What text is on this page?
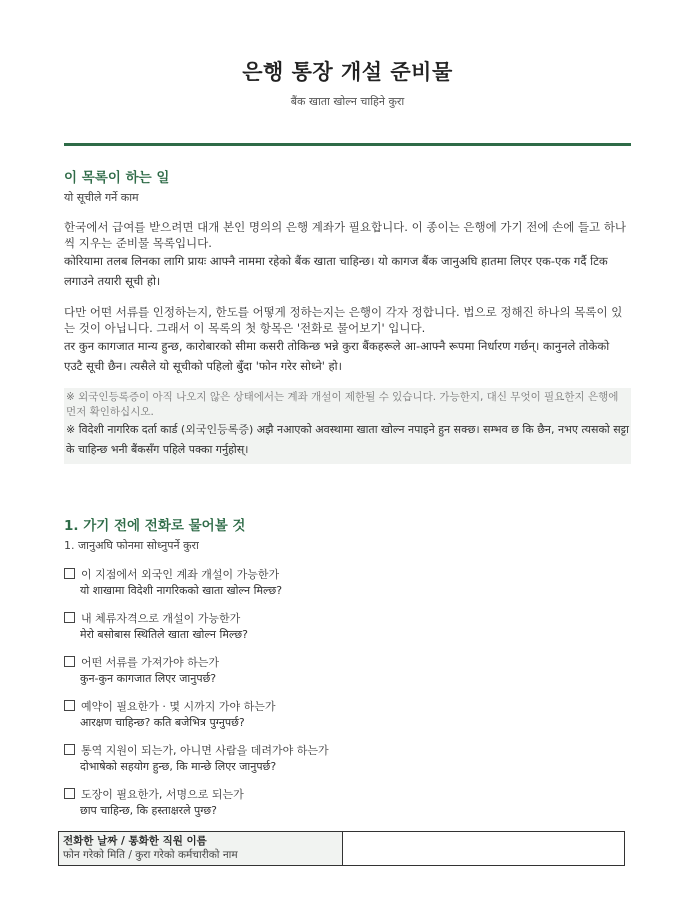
은행 통장 개설 준비물
बैंक खाता खोल्न चाहिने कुरा
이 목록이 하는 일
यो सूचीले गर्ने काम
한국에서 급여를 받으려면 대개 본인 명의의 은행 계좌가 필요합니다. 이 종이는 은행에 가기 전에 손에 들고 하나씩 지우는 준비물 목록입니다.
कोरियामा तलब लिनका लागि प्रायः आफ्नै नाममा रहेको बैंक खाता चाहिन्छ। यो कागज बैंक जानुअघि हातमा लिएर एक-एक गर्दै टिक लगाउने तयारी सूची हो।
다만 어떤 서류를 인정하는지, 한도를 어떻게 정하는지는 은행이 각자 정합니다. 법으로 정해진 하나의 목록이 있는 것이 아닙니다. 그래서 이 목록의 첫 항목은 '전화로 물어보기' 입니다.
तर कुन कागजात मान्य हुन्छ, कारोबारको सीमा कसरी तोकिन्छ भन्ने कुरा बैंकहरूले आ-आफ्नै रूपमा निर्धारण गर्छन्। कानुनले तोकेको एउटै सूची छैन। त्यसैले यो सूचीको पहिलो बुँदा 'फोन गरेर सोध्ने' हो।
※ 외국인등록증이 아직 나오지 않은 상태에서는 계좌 개설이 제한될 수 있습니다. 가능한지, 대신 무엇이 필요한지 은행에 먼저 확인하십시오.
※ विदेशी नागरिक दर्ता कार्ड (외국인등록증) अझै नआएको अवस्थामा खाता खोल्न नपाइने हुन सक्छ। सम्भव छ कि छैन, नभए त्यसको सट्टा के चाहिन्छ भनी बैंकसँग पहिले पक्का गर्नुहोस्।
1. 가기 전에 전화로 물어볼 것
1. जानुअघि फोनमा सोध्नुपर्ने कुरा
이 지점에서 외국인 계좌 개설이 가능한가
यो शाखामा विदेशी नागरिकको खाता खोल्न मिल्छ?
내 체류자격으로 개설이 가능한가
मेरो बसोबास स्थितिले खाता खोल्न मिल्छ?
어떤 서류를 가져가야 하는가
कुन-कुन कागजात लिएर जानुपर्छ?
예약이 필요한가 · 몇 시까지 가야 하는가
आरक्षण चाहिन्छ? कति बजेभित्र पुग्नुपर्छ?
통역 지원이 되는가, 아니면 사람을 데려가야 하는가
दोभाषेको सहयोग हुन्छ, कि मान्छे लिएर जानुपर्छ?
도장이 필요한가, 서명으로 되는가
छाप चाहिन्छ, कि हस्ताक्षरले पुग्छ?
전화한 날짜 / 통화한 직원 이름
फोन गरेको मिति / कुरा गरेको कर्मचारीको नाम
